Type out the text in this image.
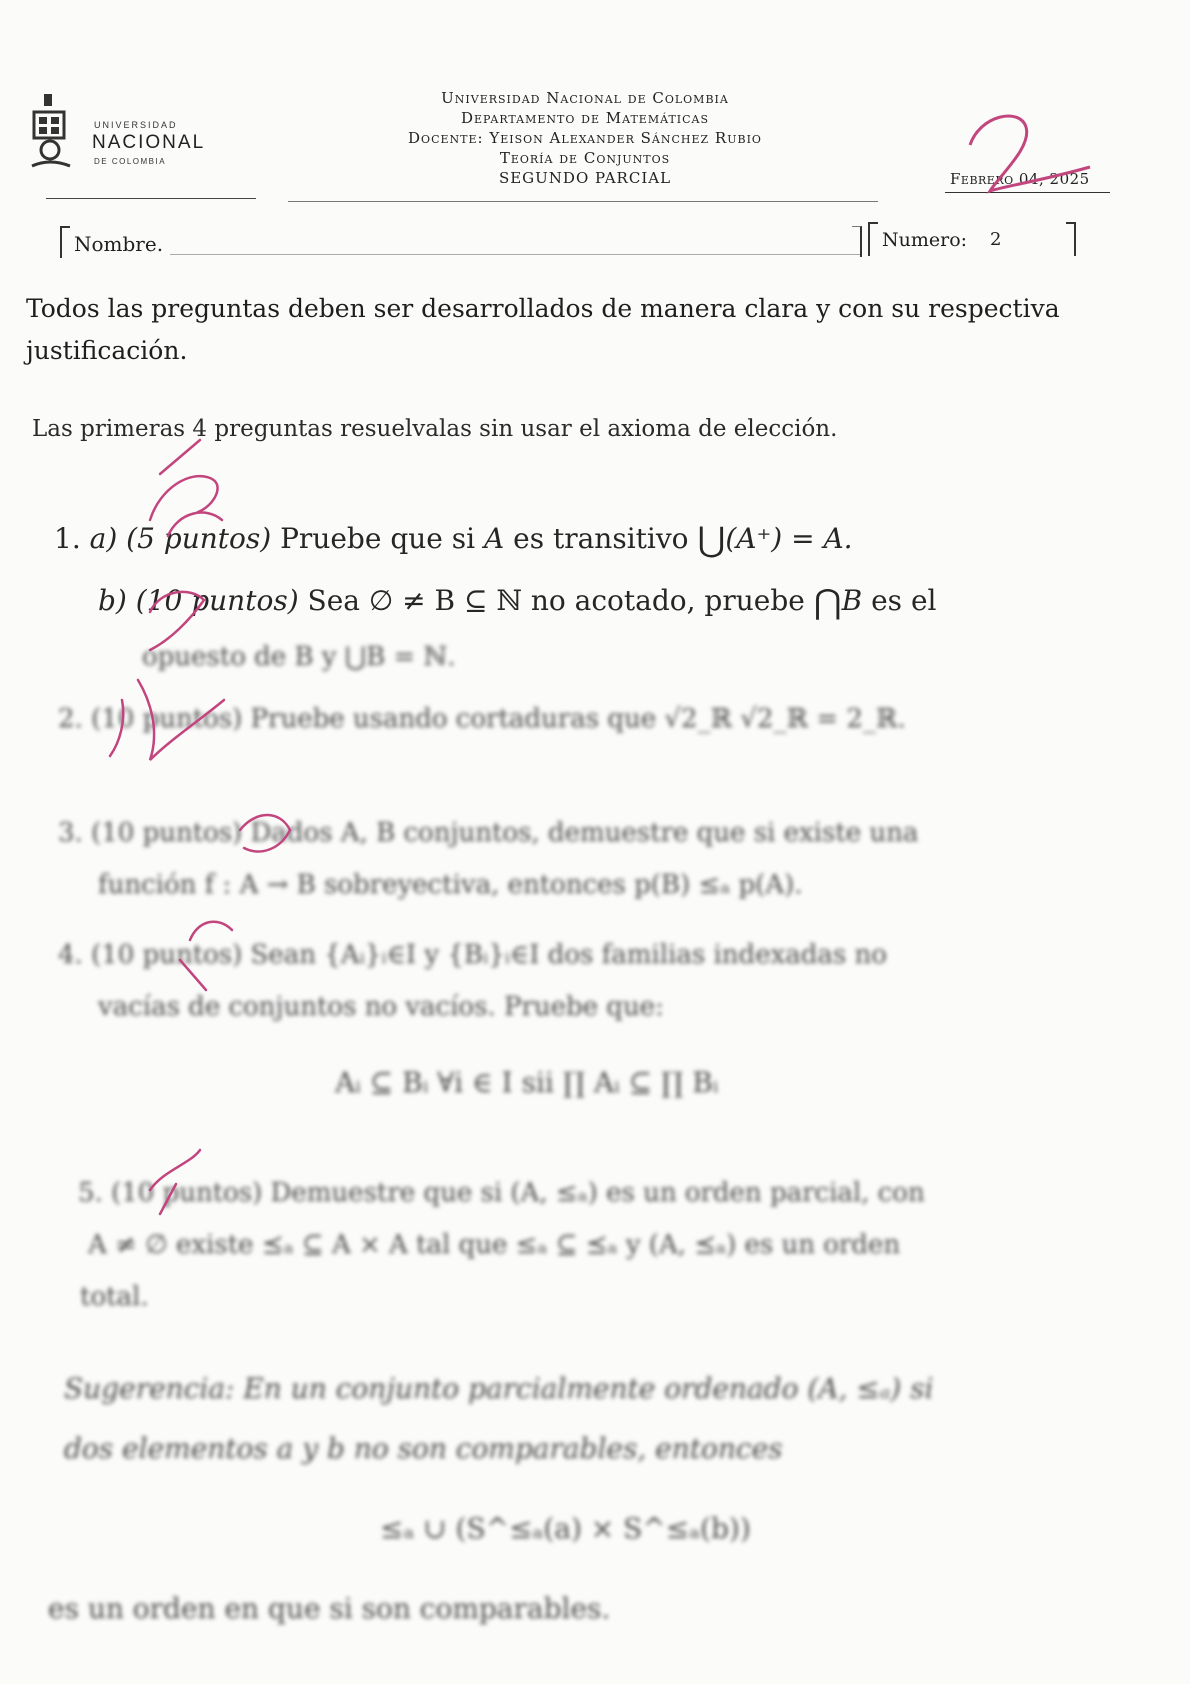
UNIVERSIDAD
NACIONAL
DE COLOMBIA
Universidad Nacional de Colombia
Departamento de Matemáticas
Docente: Yeison Alexander Sánchez Rubio
Teoría de Conjuntos
SEGUNDO PARCIAL	Febrero 04, 2025
Nombre.	Numero: 2
Todos las preguntas deben ser desarrollados de manera clara y con su respectiva justificación.
Las primeras 4 preguntas resuelvalas sin usar el axioma de elección.
1. a) (5 puntos) Pruebe que si A es transitivo ⋃(A⁺) = A.
b) (10 puntos) Sea ∅ ≠ B ⊆ ℕ no acotado, pruebe ⋂B es el
opuesto de B y ⋃B = ℕ.
2. (10 puntos) Pruebe usando cortaduras que √2_ℝ √2_ℝ = 2_ℝ.
3. (10 puntos) Dados A, B conjuntos, demuestre que si existe una
función f : A → B sobreyectiva, entonces p(B) ≤ₐ p(A).
4. (10 puntos) Sean {Aᵢ}ᵢ∈I y {Bᵢ}ᵢ∈I dos familias indexadas no
vacías de conjuntos no vacíos. Pruebe que:
Aᵢ ⊆ Bᵢ ∀i ∈ I sii ∏ Aᵢ ⊆ ∏ Bᵢ
5. (10 puntos) Demuestre que si (A, ≤ₐ) es un orden parcial, con
A ≠ ∅ existe ⪯ₐ ⊆ A × A tal que ≤ₐ ⊆ ⪯ₐ y (A, ⪯ₐ) es un orden
total.
Sugerencia: En un conjunto parcialmente ordenado (A, ≤ₐ) si
dos elementos a y b no son comparables, entonces
≤ₐ ∪ (S^≤ₐ(a) × S^≤ₐ(b))
es un orden en que si son comparables.
